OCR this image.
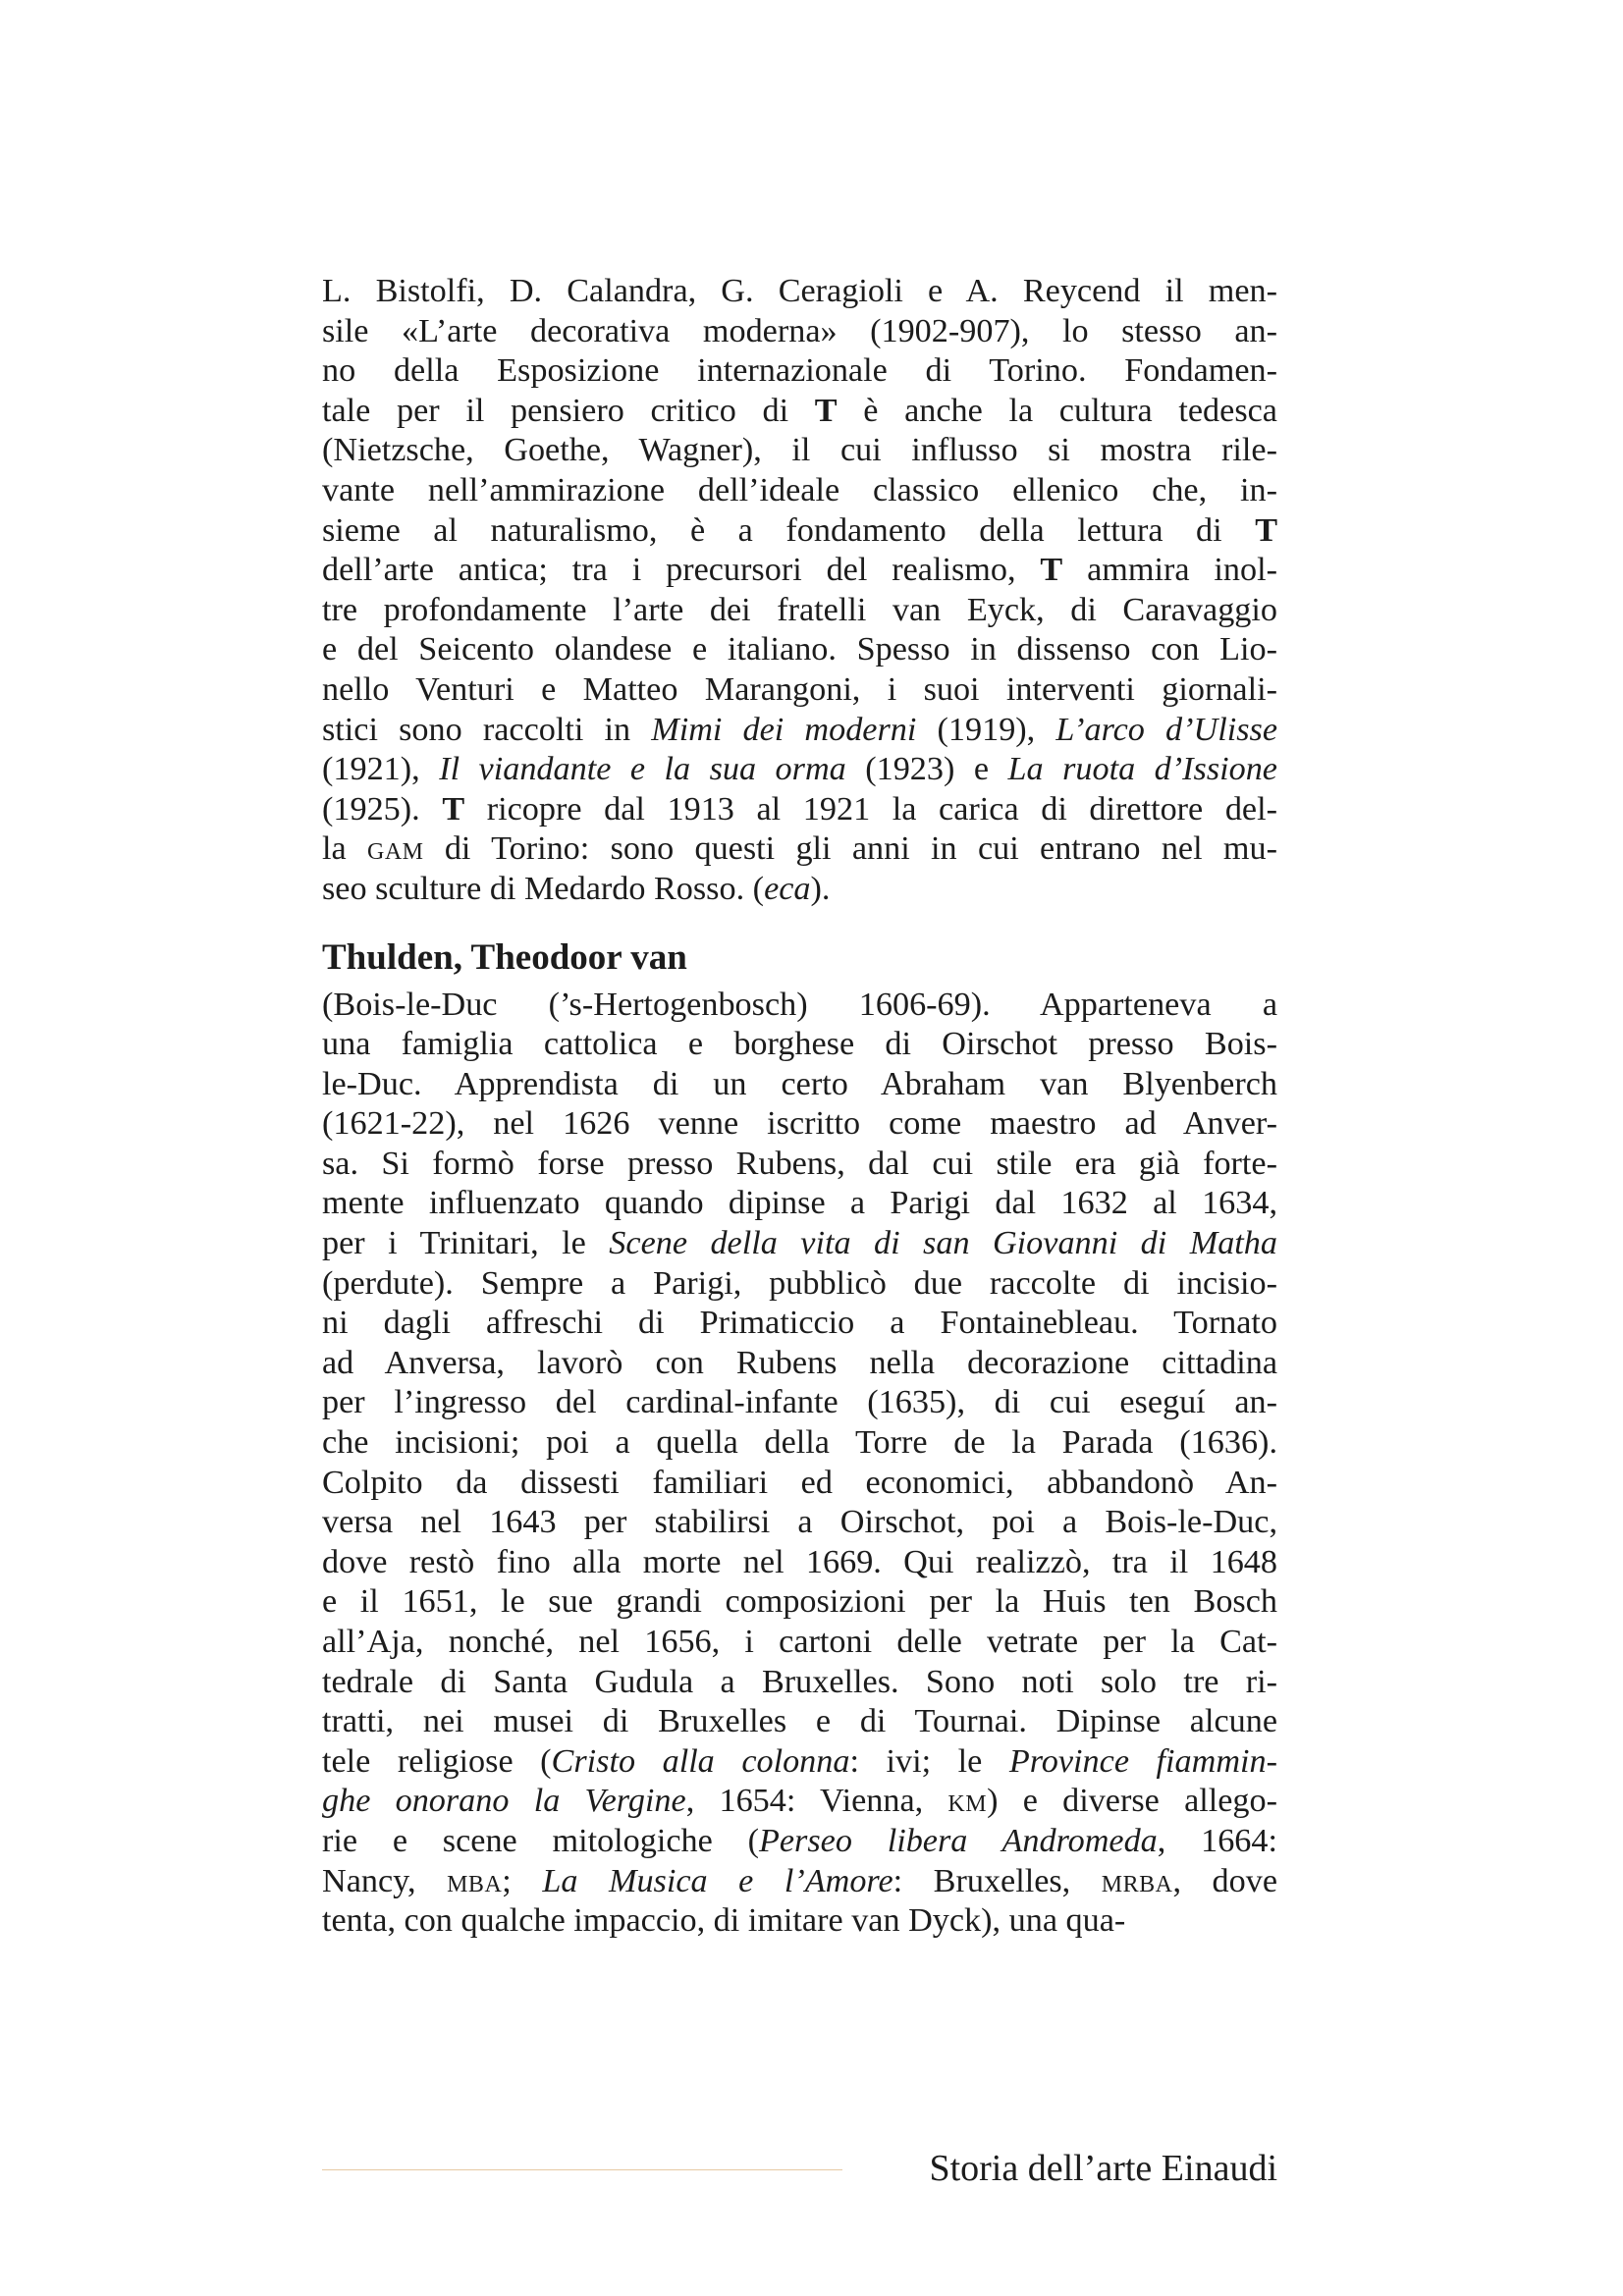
L. Bistolfi, D. Calandra, G. Ceragioli e A. Reycend il men-
sile «L’arte decorativa moderna» (1902-907), lo stesso an-
no della Esposizione internazionale di Torino. Fondamen-
tale per il pensiero critico di T è anche la cultura tedesca
(Nietzsche, Goethe, Wagner), il cui influsso si mostra rile-
vante nell’ammirazione dell’ideale classico ellenico che, in-
sieme al naturalismo, è a fondamento della lettura di T
dell’arte antica; tra i precursori del realismo, T ammira inol-
tre profondamente l’arte dei fratelli van Eyck, di Caravaggio
e del Seicento olandese e italiano. Spesso in dissenso con Lio-
nello Venturi e Matteo Marangoni, i suoi interventi giornali-
stici sono raccolti in Mimi dei moderni (1919), L’arco d’Ulisse
(1921), Il viandante e la sua orma (1923) e La ruota d’Issione
(1925). T ricopre dal 1913 al 1921 la carica di direttore del-
la gam di Torino: sono questi gli anni in cui entrano nel mu-
seo sculture di Medardo Rosso. (eca).
Thulden, Theodoor van
(Bois-le-Duc (’s-Hertogenbosch) 1606-69). Apparteneva a
una famiglia cattolica e borghese di Oirschot presso Bois-
le-Duc. Apprendista di un certo Abraham van Blyenberch
(1621-22), nel 1626 venne iscritto come maestro ad Anver-
sa. Si formò forse presso Rubens, dal cui stile era già forte-
mente influenzato quando dipinse a Parigi dal 1632 al 1634,
per i Trinitari, le Scene della vita di san Giovanni di Matha
(perdute). Sempre a Parigi, pubblicò due raccolte di incisio-
ni dagli affreschi di Primaticcio a Fontainebleau. Tornato
ad Anversa, lavorò con Rubens nella decorazione cittadina
per l’ingresso del cardinal-infante (1635), di cui eseguí an-
che incisioni; poi a quella della Torre de la Parada (1636).
Colpito da dissesti familiari ed economici, abbandonò An-
versa nel 1643 per stabilirsi a Oirschot, poi a Bois-le-Duc,
dove restò fino alla morte nel 1669. Qui realizzò, tra il 1648
e il 1651, le sue grandi composizioni per la Huis ten Bosch
all’Aja, nonché, nel 1656, i cartoni delle vetrate per la Cat-
tedrale di Santa Gudula a Bruxelles. Sono noti solo tre ri-
tratti, nei musei di Bruxelles e di Tournai. Dipinse alcune
tele religiose (Cristo alla colonna: ivi; le Province fiammin-
ghe onorano la Vergine, 1654: Vienna, km) e diverse allego-
rie e scene mitologiche (Perseo libera Andromeda, 1664:
Nancy, mba; La Musica e l’Amore: Bruxelles, mrba, dove
tenta, con qualche impaccio, di imitare van Dyck), una qua-
Storia dell’arte Einaudi
